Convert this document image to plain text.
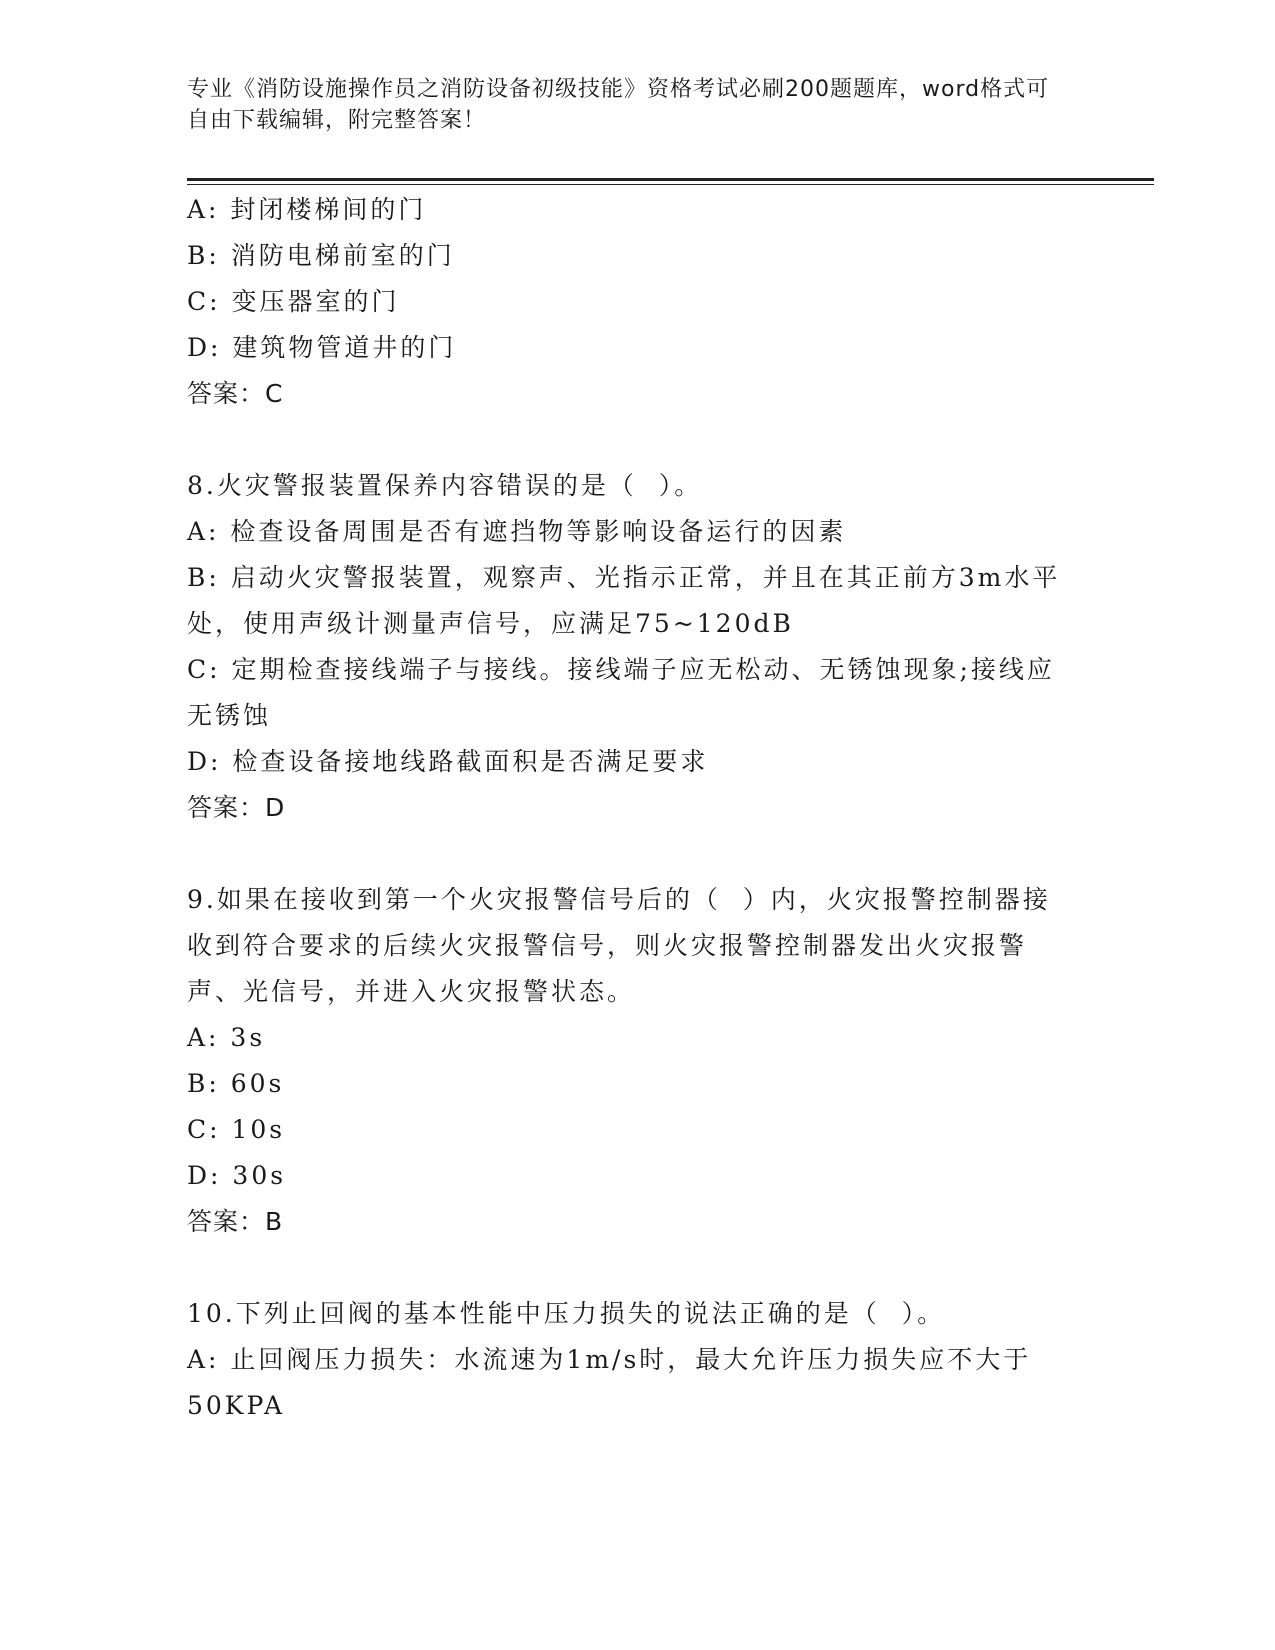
专业《消防设施操作员之消防设备初级技能》资格考试必刷200题题库，word格式可自由下载编辑，附完整答案！
A: 封闭楼梯间的门
B: 消防电梯前室的门
C: 变压器室的门
D: 建筑物管道井的门
答案：C
8.火灾警报装置保养内容错误的是（  ）。
A: 检查设备周围是否有遮挡物等影响设备运行的因素
B: 启动火灾警报装置，观察声、光指示正常，并且在其正前方3m水平处，使用声级计测量声信号，应满足75~120dB
C: 定期检查接线端子与接线。接线端子应无松动、无锈蚀现象;接线应无锈蚀
D: 检查设备接地线路截面积是否满足要求
答案：D
9.如果在接收到第一个火灾报警信号后的（  ）内，火灾报警控制器接收到符合要求的后续火灾报警信号，则火灾报警控制器发出火灾报警声、光信号，并进入火灾报警状态。
A: 3s
B: 60s
C: 10s
D: 30s
答案：B
10.下列止回阀的基本性能中压力损失的说法正确的是（  ）。
A: 止回阀压力损失：水流速为1m/s时，最大允许压力损失应不大于50KPA
